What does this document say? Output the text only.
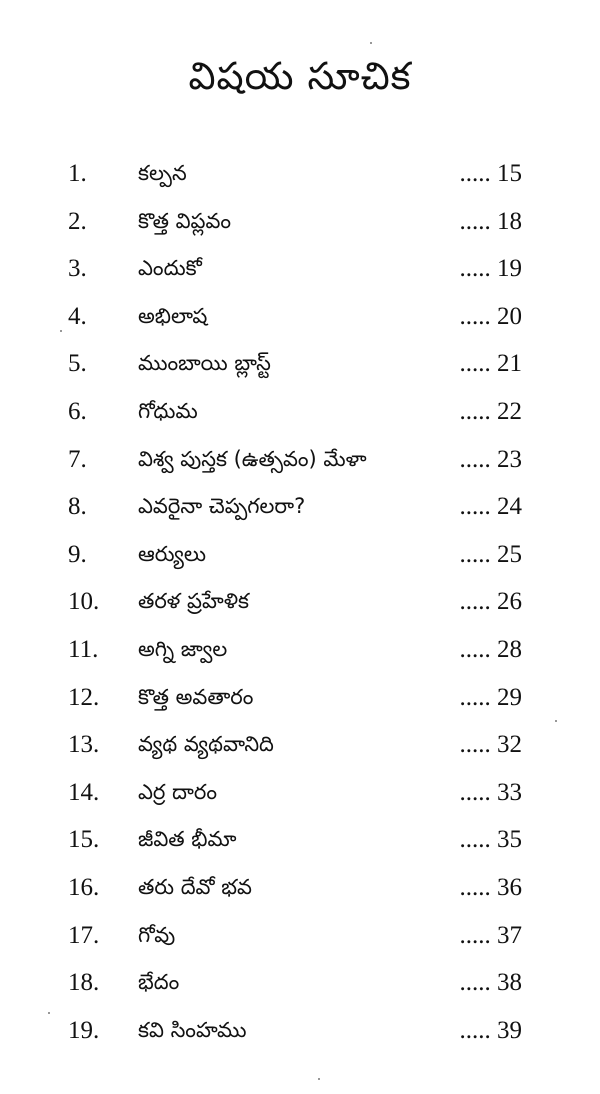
విషయ సూచిక
1. కల్పన	..... 15
2. కొత్త విప్లవం	..... 18
3. ఎందుకో	..... 19
4. అభిలాష	..... 20
5. ముంబాయి బ్లాస్ట్	..... 21
6. గోధుమ	..... 22
7. విశ్వ పుస్తక (ఉత్సవం) మేళా	..... 23
8. ఎవరైనా చెప్పగలరా?	..... 24
9. ఆర్యులు	..... 25
10. తరళ ప్రహేళిక	..... 26
11. అగ్ని జ్వాల	..... 28
12. కొత్త అవతారం	..... 29
13. వ్యథ వ్యథవానిది	..... 32
14. ఎర్ర దారం	..... 33
15. జీవిత భీమా	..... 35
16. తరు దేవో భవ	..... 36
17. గోవు	..... 37
18. భేదం	..... 38
19. కవి సింహము	..... 39
